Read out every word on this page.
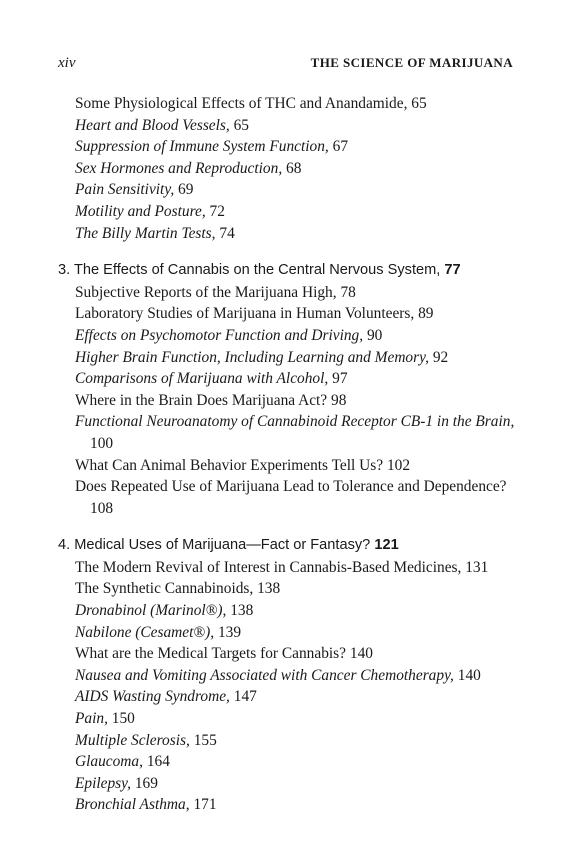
xiv	THE SCIENCE OF MARIJUANA
Some Physiological Effects of THC and Anandamide, 65
Heart and Blood Vessels, 65
Suppression of Immune System Function, 67
Sex Hormones and Reproduction, 68
Pain Sensitivity, 69
Motility and Posture, 72
The Billy Martin Tests, 74
3. The Effects of Cannabis on the Central Nervous System, 77
Subjective Reports of the Marijuana High, 78
Laboratory Studies of Marijuana in Human Volunteers, 89
Effects on Psychomotor Function and Driving, 90
Higher Brain Function, Including Learning and Memory, 92
Comparisons of Marijuana with Alcohol, 97
Where in the Brain Does Marijuana Act? 98
Functional Neuroanatomy of Cannabinoid Receptor CB-1 in the Brain, 100
What Can Animal Behavior Experiments Tell Us? 102
Does Repeated Use of Marijuana Lead to Tolerance and Dependence? 108
4. Medical Uses of Marijuana—Fact or Fantasy? 121
The Modern Revival of Interest in Cannabis-Based Medicines, 131
The Synthetic Cannabinoids, 138
Dronabinol (Marinol®), 138
Nabilone (Cesamet®), 139
What are the Medical Targets for Cannabis? 140
Nausea and Vomiting Associated with Cancer Chemotherapy, 140
AIDS Wasting Syndrome, 147
Pain, 150
Multiple Sclerosis, 155
Glaucoma, 164
Epilepsy, 169
Bronchial Asthma, 171
